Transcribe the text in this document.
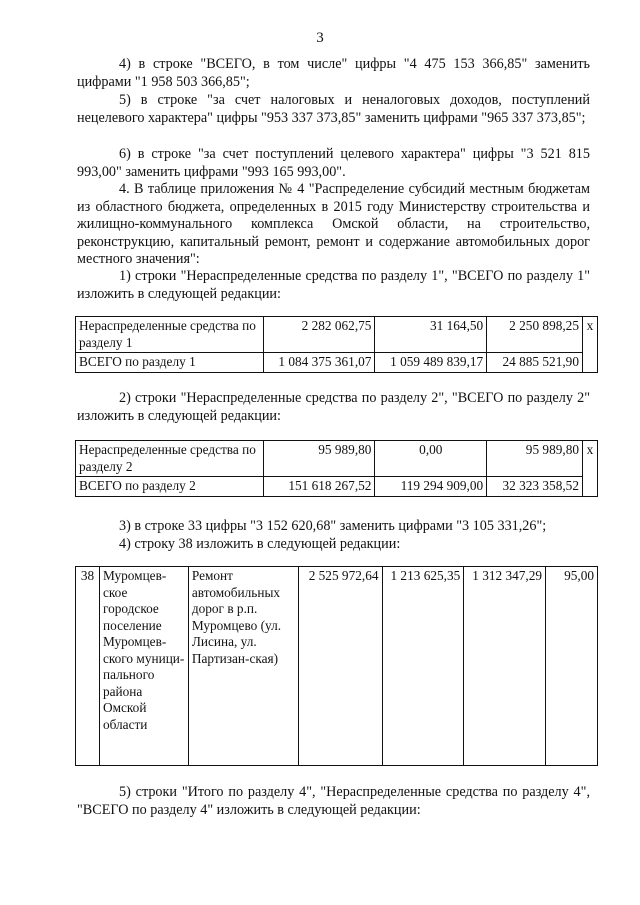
3

4) в строке "ВСЕГО, в том числе" цифры "4 475 153 366,85" заменить цифрами "1 958 503 366,85";

5) в строке "за счет налоговых и неналоговых доходов, поступлений нецелевого характера" цифры "953 337 373,85" заменить цифрами "965 337 373,85";

6) в строке "за счет поступлений целевого характера" цифры "3 521 815 993,00" заменить цифрами "993 165 993,00".

4. В таблице приложения № 4 "Распределение субсидий местным бюджетам из областного бюджета, определенных в 2015 году Министерству строительства и жилищно-коммунального комплекса Омской области, на строительство, реконструкцию, капитальный ремонт, ремонт и содержание автомобильных дорог местного значения":

1) строки "Нераспределенные средства по разделу 1", "ВСЕГО по разделу 1" изложить в следующей редакции:

Нераспределенные средства по разделу 1	2 282 062,75	31 164,50	2 250 898,25	x
ВСЕГО по разделу 1	1 084 375 361,07	1 059 489 839,17	24 885 521,90	

2) строки "Нераспределенные средства по разделу 2", "ВСЕГО по разделу 2" изложить в следующей редакции:

Нераспределенные средства по разделу 2	95 989,80	0,00	95 989,80	x
ВСЕГО по разделу 2	151 618 267,52	119 294 909,00	32 323 358,52	

3) в строке 33 цифры "3 152 620,68" заменить цифрами "3 105 331,26";

4) строку 38 изложить в следующей редакции:

38	Муромцев-ское городское поселение Муромцев-ского муници-пального района Омской области	Ремонт автомобильных дорог в р.п. Муромцево (ул. Лисина, ул. Партизан-ская)	2 525 972,64	1 213 625,35	1 312 347,29	95,00

5) строки "Итого по разделу 4", "Нераспределенные средства по разделу 4", "ВСЕГО по разделу 4" изложить в следующей редакции:
